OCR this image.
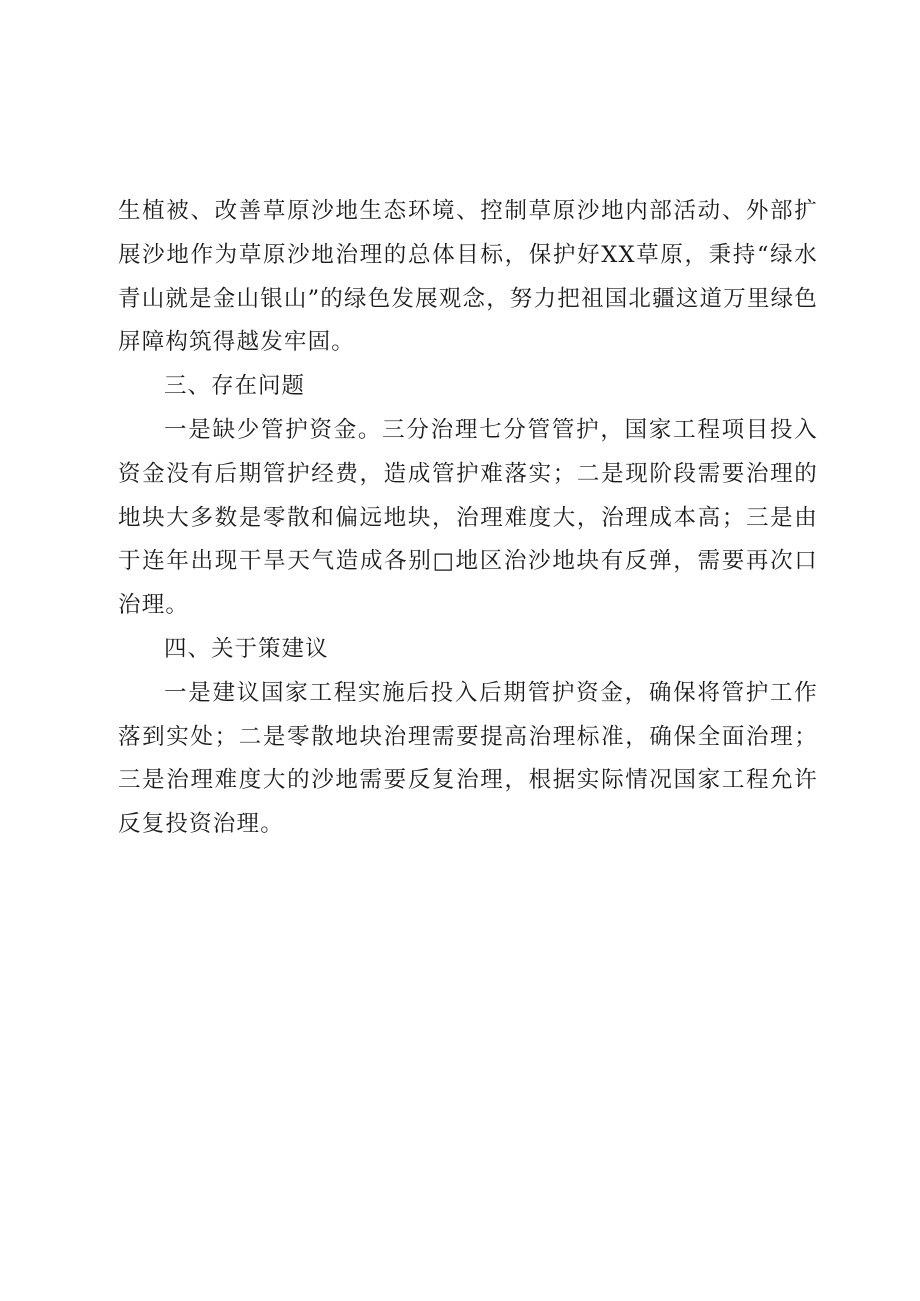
生植被、改善草原沙地生态环境、控制草原沙地内部活动、外部扩展沙地作为草原沙地治理的总体目标，保护好XX草原，秉持“绿水青山就是金山银山”的绿色发展观念，努力把祖国北疆这道万里绿色屏障构筑得越发牢固。

三、存在问题

一是缺少管护资金。三分治理七分管管护，国家工程项目投入资金没有后期管护经费，造成管护难落实；二是现阶段需要治理的地块大多数是零散和偏远地块，治理难度大，治理成本高；三是由于连年出现干旱天气造成各别□地区治沙地块有反弹，需要再次口治理。

四、关于策建议

一是建议国家工程实施后投入后期管护资金，确保将管护工作落到实处；二是零散地块治理需要提高治理标准，确保全面治理；三是治理难度大的沙地需要反复治理，根据实际情况国家工程允许反复投资治理。
